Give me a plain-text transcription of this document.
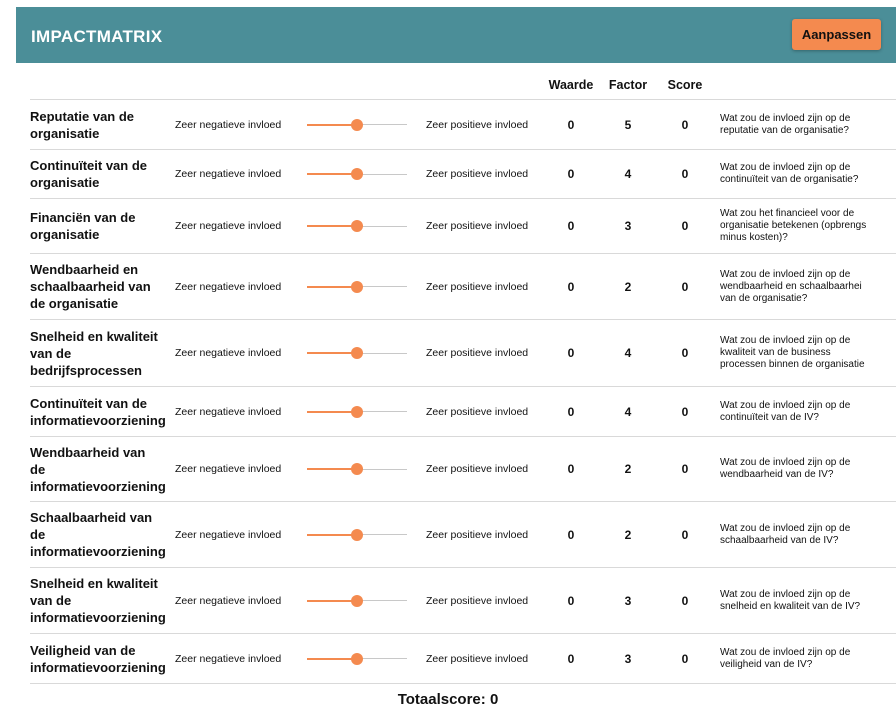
IMPACTMATRIX	Aanpassen
Waarde	Factor	Score
Reputatie van de
organisatie
Zeer negatieve invloed	Zeer positieve invloed	0	5	0	Wat zou de invloed zijn op de
reputatie van de organisatie?
Continuïteit van de
organisatie
Zeer negatieve invloed	Zeer positieve invloed	0	4	0	Wat zou de invloed zijn op de
continuïteit van de organisatie?
Financiën van de
organisatie
Zeer negatieve invloed	Zeer positieve invloed	0	3	0
Wat zou het financieel voor de
organisatie betekenen (opbrengs
minus kosten)?
Wendbaarheid en
schaalbaarheid van
de organisatie
Zeer negatieve invloed	Zeer positieve invloed	0	2	0
Wat zou de invloed zijn op de
wendbaarheid en schaalbaarhei
van de organisatie?
Snelheid en kwaliteit
van de
bedrijfsprocessen
Zeer negatieve invloed	Zeer positieve invloed	0	4	0
Wat zou de invloed zijn op de
kwaliteit van de business
processen binnen de organisatie
Continuïteit van de
informatievoorziening
Zeer negatieve invloed	Zeer positieve invloed	0	4	0	Wat zou de invloed zijn op de
continuïteit van de IV?
Wendbaarheid van
de
informatievoorziening
Zeer negatieve invloed	Zeer positieve invloed	0	2	0	Wat zou de invloed zijn op de
wendbaarheid van de IV?
Schaalbaarheid van
de
informatievoorziening
Zeer negatieve invloed	Zeer positieve invloed	0	2	0	Wat zou de invloed zijn op de
schaalbaarheid van de IV?
Snelheid en kwaliteit
van de
informatievoorziening
Zeer negatieve invloed	Zeer positieve invloed	0	3	0	Wat zou de invloed zijn op de
snelheid en kwaliteit van de IV?
Veiligheid van de
informatievoorziening
Zeer negatieve invloed	Zeer positieve invloed	0	3	0	Wat zou de invloed zijn op de
veiligheid van de IV?
Totaalscore: 0
